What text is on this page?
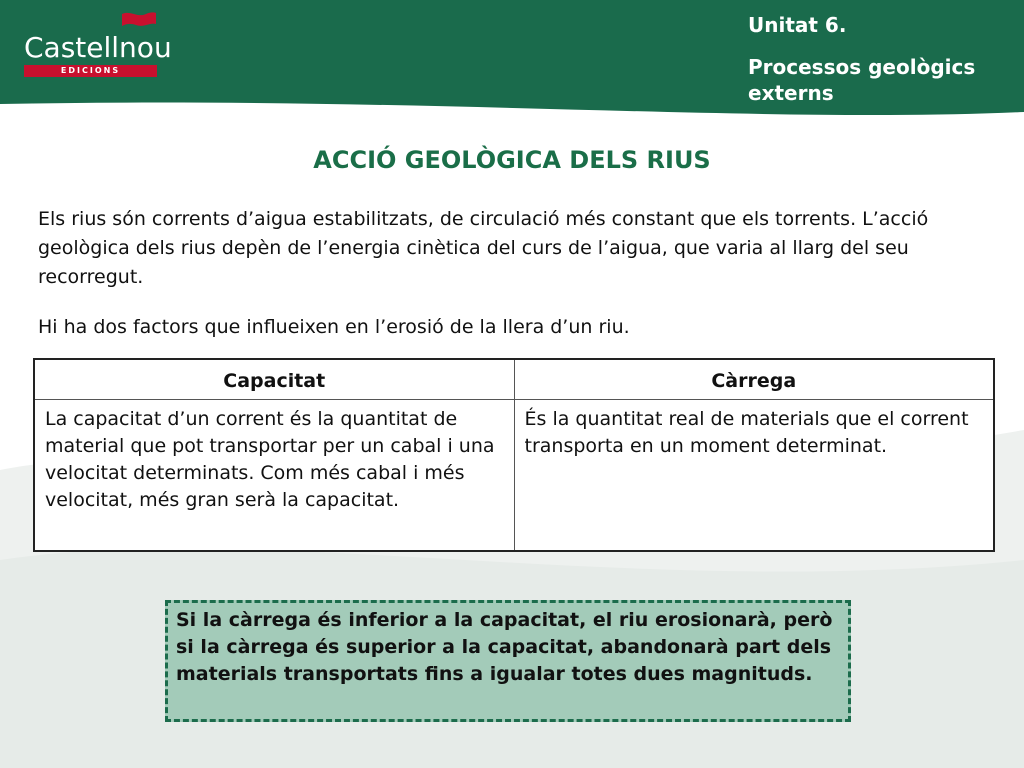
Castellnou
EDICIONS
Unitat 6.
Processos geològics externs
ACCIÓ GEOLÒGICA DELS RIUS

Els rius són corrents d’aigua estabilitzats, de circulació més constant que els torrents. L’acció geològica dels rius depèn de l’energia cinètica del curs de l’aigua, que varia al llarg del seu recorregut.

Hi ha dos factors que influeixen en l’erosió de la llera d’un riu.

Capacitat	Càrrega
La capacitat d’un corrent és la quantitat de material que pot transportar per un cabal i una velocitat determinats. Com més cabal i més velocitat, més gran serà la capacitat.	És la quantitat real de materials que el corrent transporta en un moment determinat.
Si la càrrega és inferior a la capacitat, el riu erosionarà, però si la càrrega és superior a la capacitat, abandonarà part dels materials transportats fins a igualar totes dues magnituds.
